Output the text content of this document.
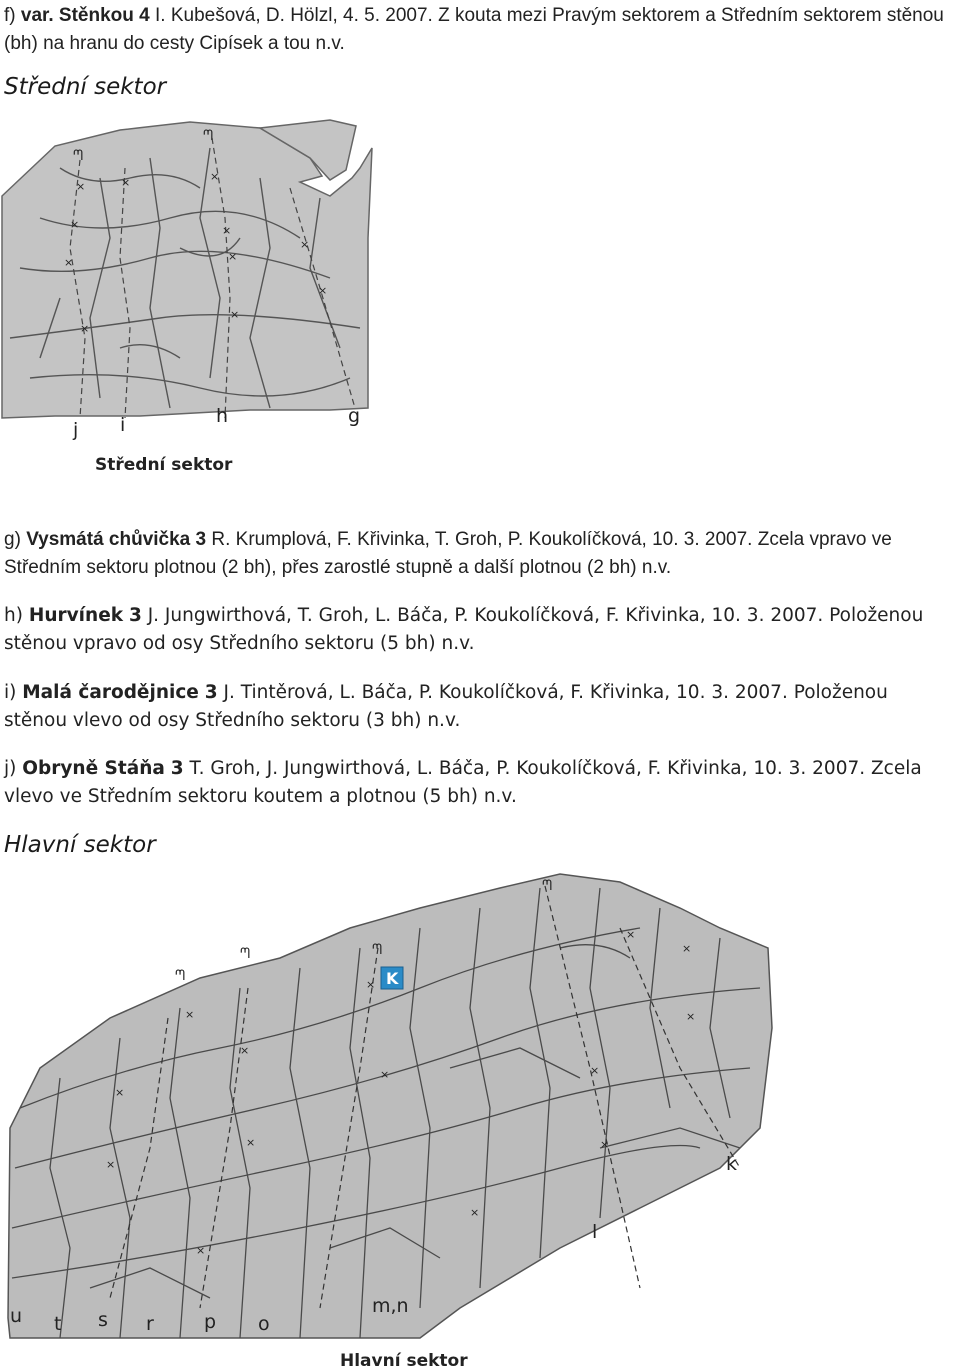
f) var. Stěnkou 4 I. Kubešová, D. Hölzl, 4. 5. 2007. Z kouta mezi Pravým sektorem a Středním sektorem stěnou (bh) na hranu do cesty Cipísek a tou n.v.
Střední sektor
×
×
×
×
×	×
×
×
×
×
×
ᘉ
ᘉ
j i	h	g
Střední sektor
g) Vysmátá chůvička 3 R. Krumplová, F. Křivinka, T. Groh, P. Koukolíčková, 10. 3. 2007. Zcela vpravo ve Středním sektoru plotnou (2 bh), přes zarostlé stupně a další plotnou (2 bh) n.v.
h) Hurvínek 3 J. Jungwirthová, T. Groh, L. Báča, P. Koukolíčková, F. Křivinka, 10. 3. 2007. Položenou stěnou vpravo od osy Středního sektoru (5 bh) n.v.
i) Malá čarodějnice 3 J. Tintěrová, L. Báča, P. Koukolíčková, F. Křivinka, 10. 3. 2007. Položenou stěnou vlevo od osy Středního sektoru (3 bh) n.v.
j) Obryně Stáňa 3 T. Groh, J. Jungwirthová, L. Báča, P. Koukolíčková, F. Křivinka, 10. 3. 2007. Zcela vlevo ve Středním sektoru koutem a plotnou (5 bh) n.v.
Hlavní sektor
×
×
×
×
×
×
×
×
×
×
×
×
×
×
ᘉ
ᘉ	ᘉ
ᘉ
K
u t s r	p o
m,n
l
k
Hlavní sektor
